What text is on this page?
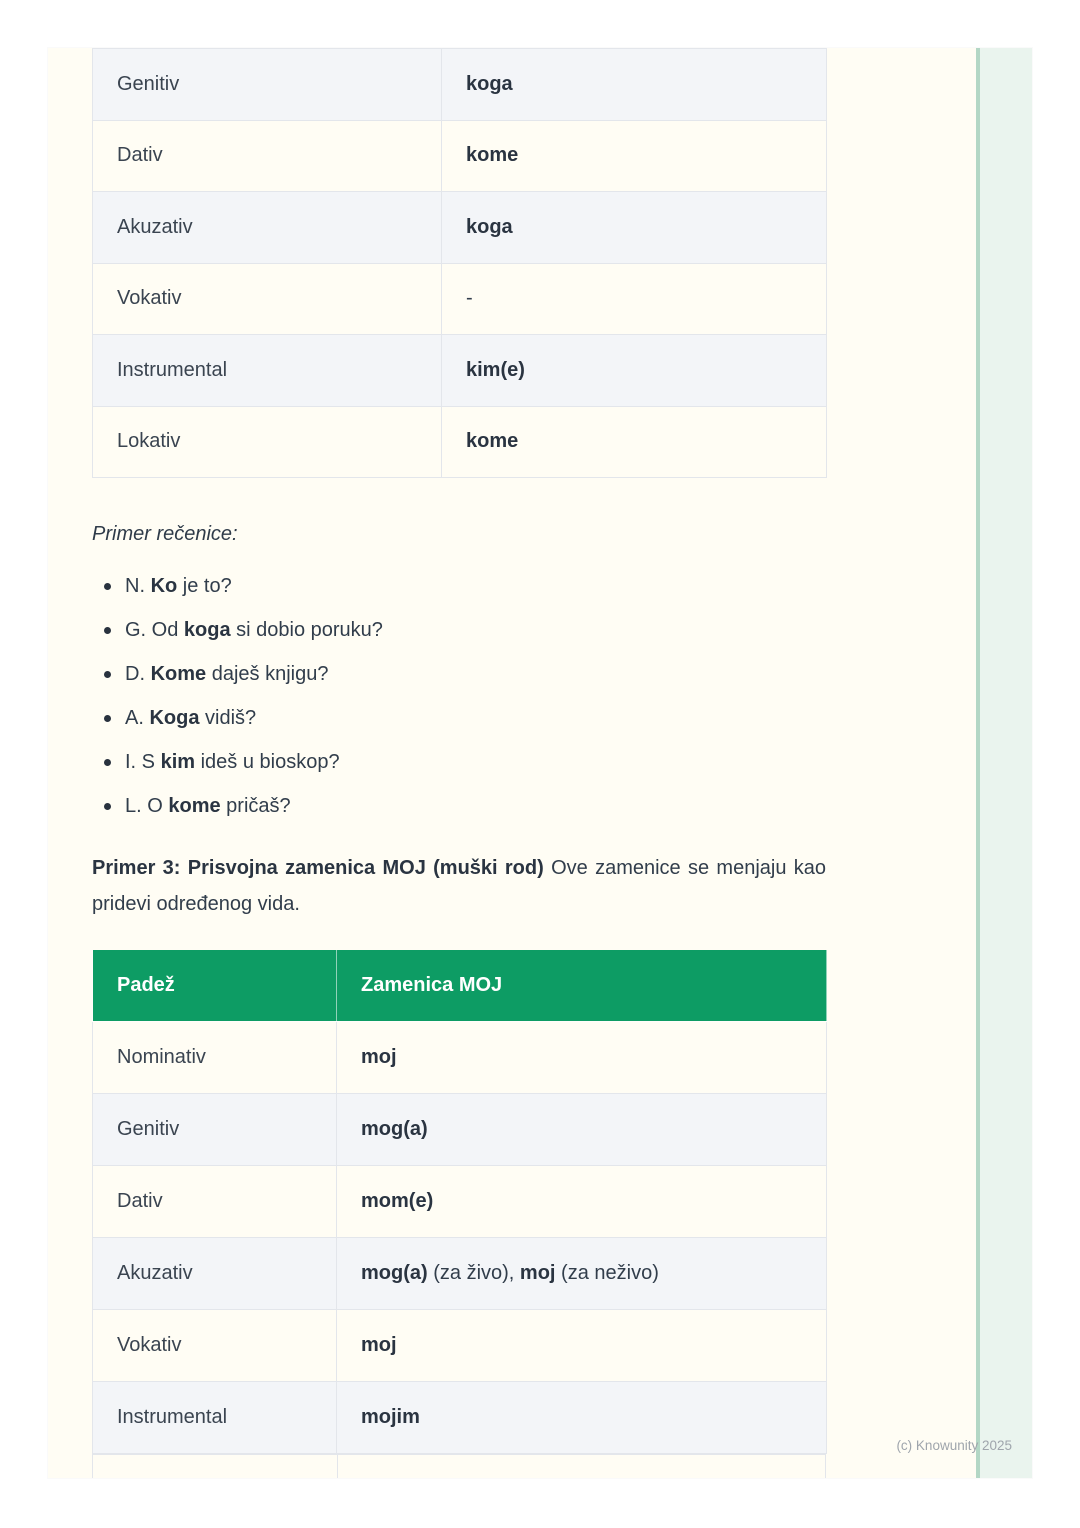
Genitiv	koga
Dativ	kome
Akuzativ	koga
Vokativ	-
Instrumental	kim(e)
Lokativ	kome

Primer rečenice:

N. Ko je to?
G. Od koga si dobio poruku?
D. Kome daješ knjigu?
A. Koga vidiš?
I. S kim ideš u bioskop?
L. O kome pričaš?

Primer 3: Prisvojna zamenica MOJ (muški rod) Ove zamenice se menjaju kao pridevi određenog vida.

Padež	Zamenica MOJ
Nominativ	moj
Genitiv	mog(a)
Dativ	mom(e)
Akuzativ	mog(a) (za živo), moj (za neživo)
Vokativ	moj
Instrumental	mojim
(c) Knowunity 2025
